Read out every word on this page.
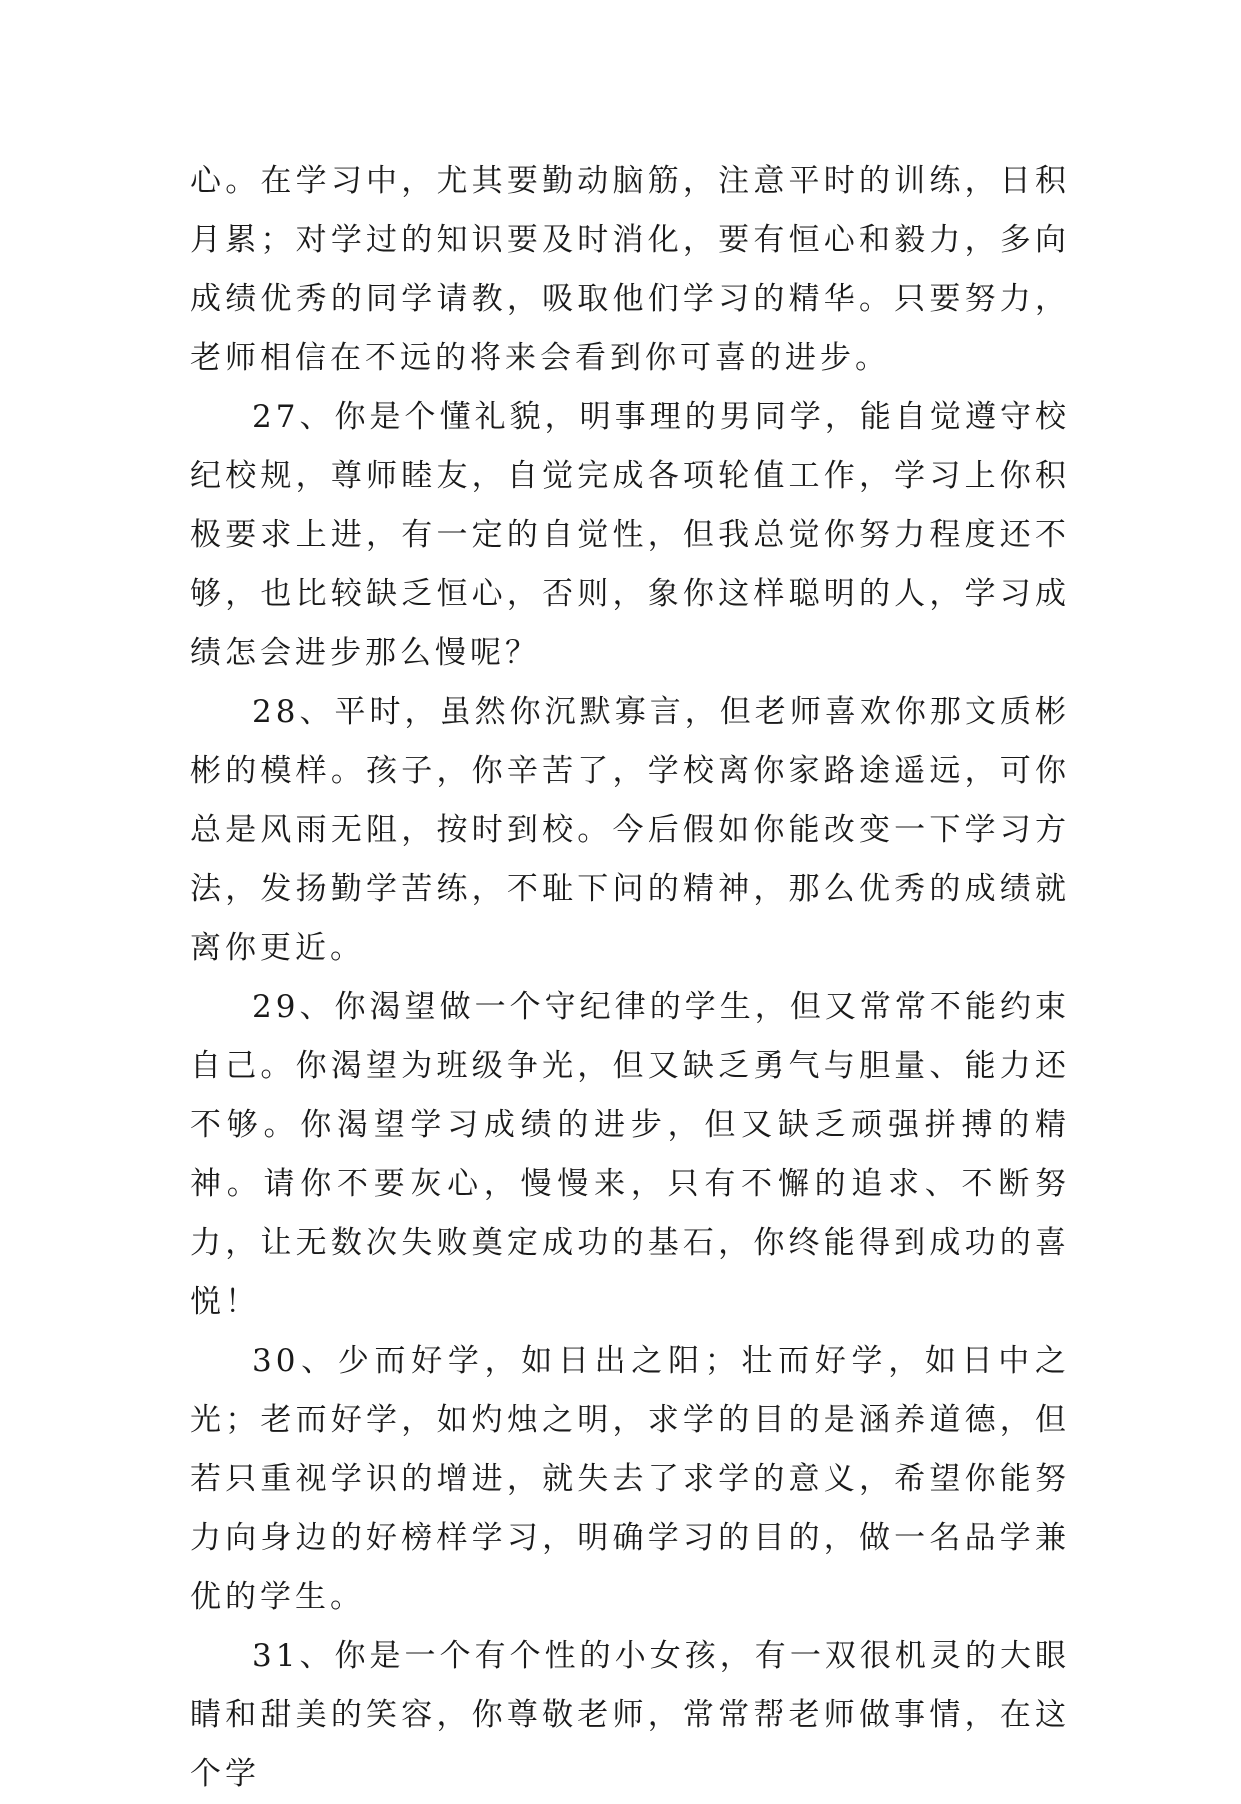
心。在学习中，尤其要勤动脑筋，注意平时的训练，日积月累；对学过的知识要及时消化，要有恒心和毅力，多向成绩优秀的同学请教，吸取他们学习的精华。只要努力，老师相信在不远的将来会看到你可喜的进步。

27、你是个懂礼貌，明事理的男同学，能自觉遵守校纪校规，尊师睦友，自觉完成各项轮值工作，学习上你积极要求上进，有一定的自觉性，但我总觉你努力程度还不够，也比较缺乏恒心，否则，象你这样聪明的人，学习成绩怎会进步那么慢呢？

28、平时，虽然你沉默寡言，但老师喜欢你那文质彬彬的模样。孩子，你辛苦了，学校离你家路途遥远，可你总是风雨无阻，按时到校。今后假如你能改变一下学习方法，发扬勤学苦练，不耻下问的精神，那么优秀的成绩就离你更近。

29、你渴望做一个守纪律的学生，但又常常不能约束自己。你渴望为班级争光，但又缺乏勇气与胆量、能力还不够。你渴望学习成绩的进步，但又缺乏顽强拼搏的精神。请你不要灰心，慢慢来，只有不懈的追求、不断努力，让无数次失败奠定成功的基石，你终能得到成功的喜悦！

30、少而好学，如日出之阳；壮而好学，如日中之光；老而好学，如灼烛之明，求学的目的是涵养道德，但若只重视学识的增进，就失去了求学的意义，希望你能努力向身边的好榜样学习，明确学习的目的，做一名品学兼优的学生。

31、你是一个有个性的小女孩，有一双很机灵的大眼睛和甜美的笑容，你尊敬老师，常常帮老师做事情，在这个学
